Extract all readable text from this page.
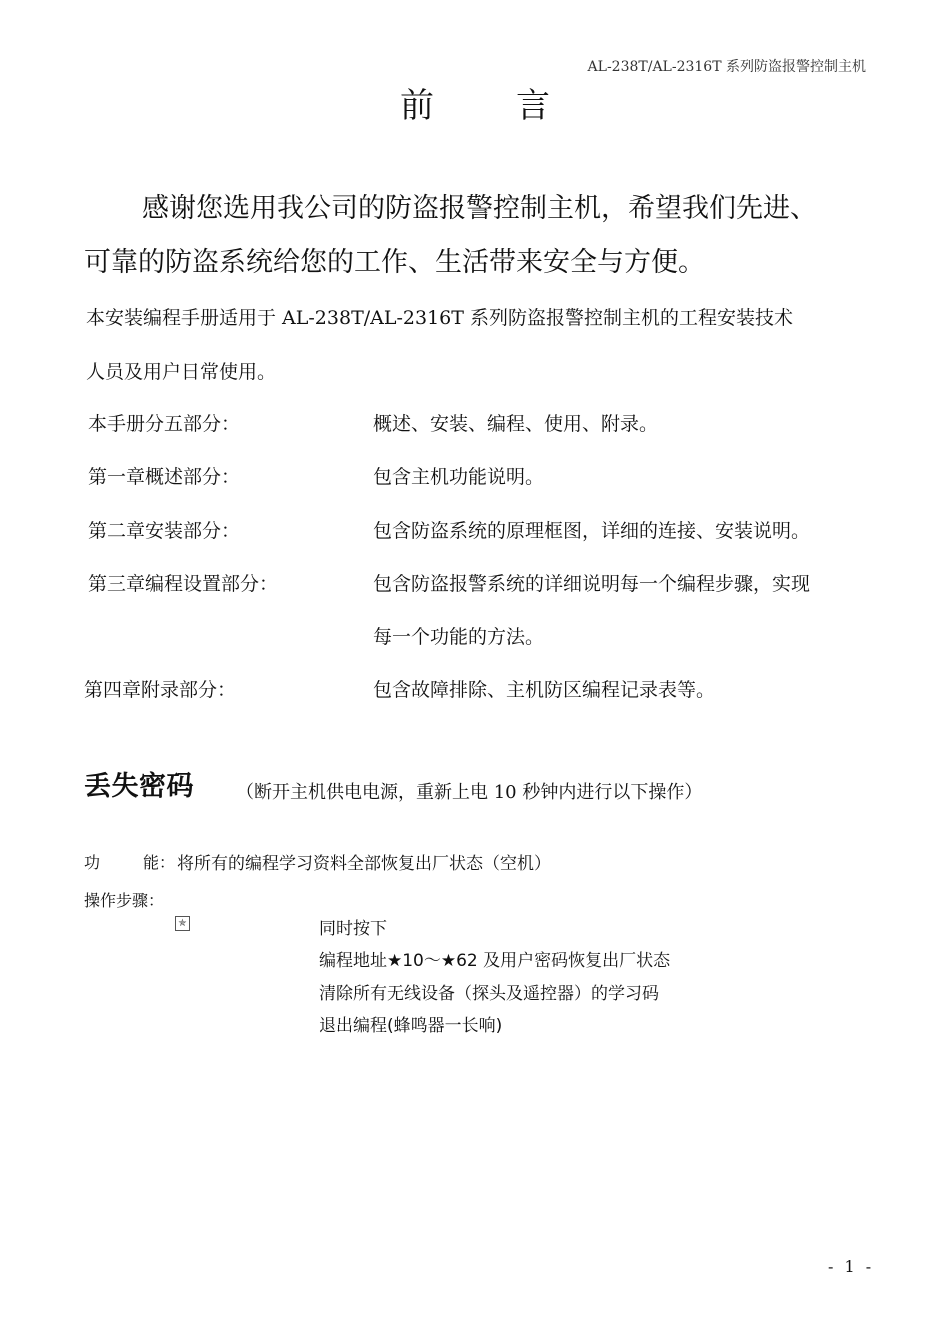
AL-238T/AL-2316T 系列防盗报警控制主机
前 言
感谢您选用我公司的防盗报警控制主机，希望我们先进、
可靠的防盗系统给您的工作、生活带来安全与方便。
本安装编程手册适用于 AL-238T/AL-2316T 系列防盗报警控制主机的工程安装技术
人员及用户日常使用。
本手册分五部分：	概述、安装、编程、使用、附录。
第一章概述部分：	包含主机功能说明。
第二章安装部分：	包含防盗系统的原理框图，详细的连接、安装说明。
第三章编程设置部分：	包含防盗报警系统的详细说明每一个编程步骤，实现
每一个功能的方法。
第四章附录部分：	包含故障排除、主机防区编程记录表等。
丢失密码 （断开主机供电电源，重新上电 10 秒钟内进行以下操作）
功	能： 将所有的编程学习资料全部恢复出厂状态（空机）
操作步骤：
✯	同时按下
编程地址★10～★62 及用户密码恢复出厂状态
清除所有无线设备（探头及遥控器）的学习码
退出编程(蜂鸣器一长响)
- 1 -
